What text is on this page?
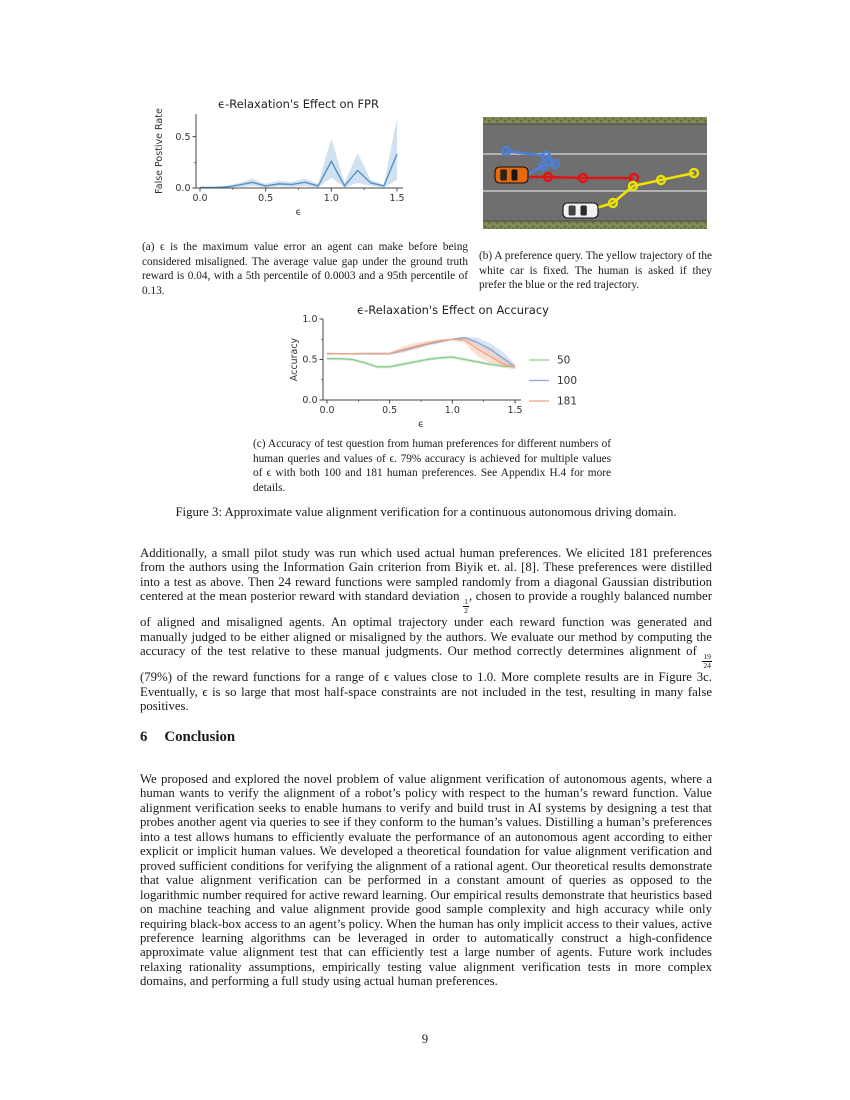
0.0	0.5	1.0	1.5
0.0
0.5
ϵ-Relaxation's Effect on FPR
ϵ
False Postive Rate
(a) ϵ is the maximum value error an agent can make before being considered misaligned. The average value gap under the ground truth reward is 0.04, with a 5th percentile of 0.0003 and a 95th percentile of 0.13.
(b) A preference query. The yellow trajectory of the white car is fixed. The human is asked if they prefer the blue or the red trajectory.
0.0	0.5	1.0	1.5
0.0
0.5
1.0
ϵ-Relaxation's Effect on Accuracy
ϵ
Accuracy	50
100
181
(c) Accuracy of test question from human preferences for different numbers of human queries and values of ϵ. 79% accuracy is achieved for multiple values of ϵ with both 100 and 181 human preferences. See Appendix H.4 for more details.
Figure 3: Approximate value alignment verification for a continuous autonomous driving domain.
Additionally, a small pilot study was run which used actual human preferences. We elicited 181 preferences from the authors using the Information Gain criterion from Biyik et. al. [8]. These preferences were distilled into a test as above. Then 24 reward functions were sampled randomly from a diagonal Gaussian distribution centered at the mean posterior reward with standard deviation
$\frac{1}{2}$
, chosen to provide a roughly balanced number of aligned and misaligned agents. An optimal trajectory under each reward function was generated and manually judged to be either aligned or misaligned by the authors. We evaluate our method by computing the accuracy of the test relative to these manual judgments. Our method correctly determines alignment of
$\frac{19}{24}$
(79%) of the reward functions for a range of ϵ values close to 1.0. More complete results are in Figure 3c. Eventually, ϵ is so large that most half-space constraints are not included in the test, resulting in many false positives.
6 Conclusion
We proposed and explored the novel problem of value alignment verification of autonomous agents, where a human wants to verify the alignment of a robot’s policy with respect to the human’s reward function. Value alignment verification seeks to enable humans to verify and build trust in AI systems by designing a test that probes another agent via queries to see if they conform to the human’s values. Distilling a human’s preferences into a test allows humans to efficiently evaluate the performance of an autonomous agent according to either explicit or implicit human values. We developed a theoretical foundation for value alignment verification and proved sufficient conditions for verifying the alignment of a rational agent. Our theoretical results demonstrate that value alignment verification can be performed in a constant amount of queries as opposed to the logarithmic number required for active reward learning. Our empirical results demonstrate that heuristics based on machine teaching and value alignment provide good sample complexity and high accuracy while only requiring black-box access to an agent’s policy. When the human has only implicit access to their values, active preference learning algorithms can be leveraged in order to automatically construct a high-confidence approximate value alignment test that can efficiently test a large number of agents. Future work includes relaxing rationality assumptions, empirically testing value alignment verification tests in more complex domains, and performing a full study using actual human preferences.
9
